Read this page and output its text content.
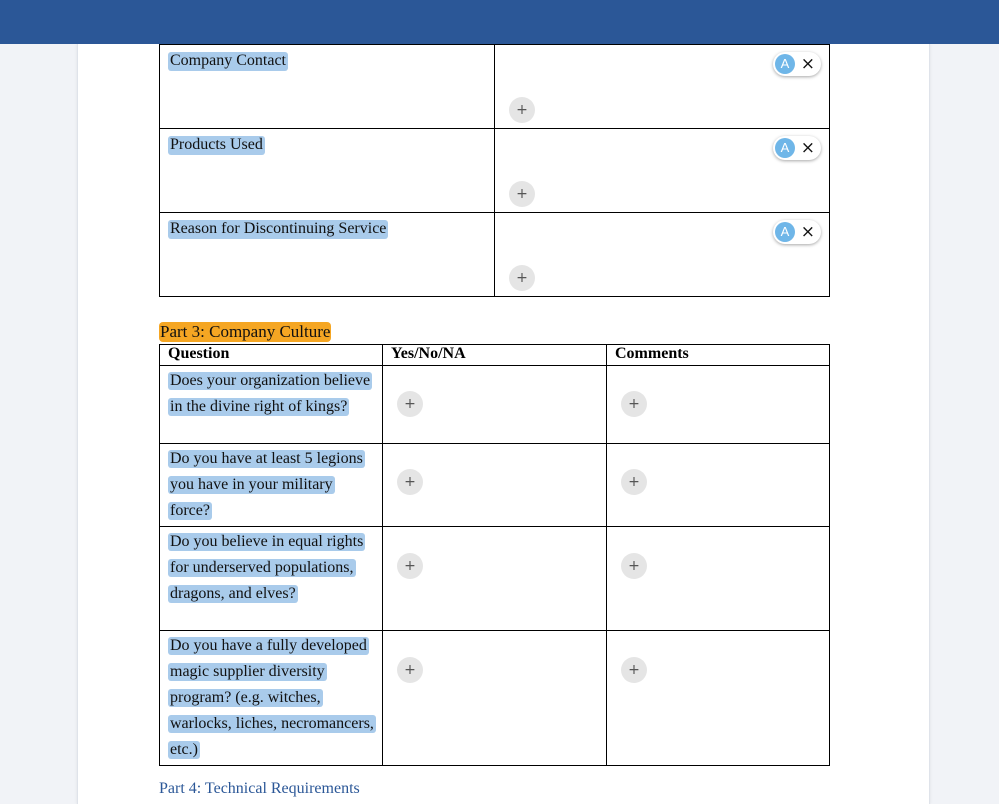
Company Contact	A ×
+

Products Used	A ×
+

Reason for Discontinuing Service	A ×
+
Part 3: Company Culture
Question	Yes/No/NA	Comments
Does your organization believe in the divine right of kings?	+	+

Do you have at least 5 legions you have in your military force?	+	+

Do you believe in equal rights for underserved populations, dragons, and elves?	+	+

Do you have a fully developed magic supplier diversity program? (e.g. witches, warlocks, liches, necromancers, etc.)	+	+
Part 4: Technical Requirements
